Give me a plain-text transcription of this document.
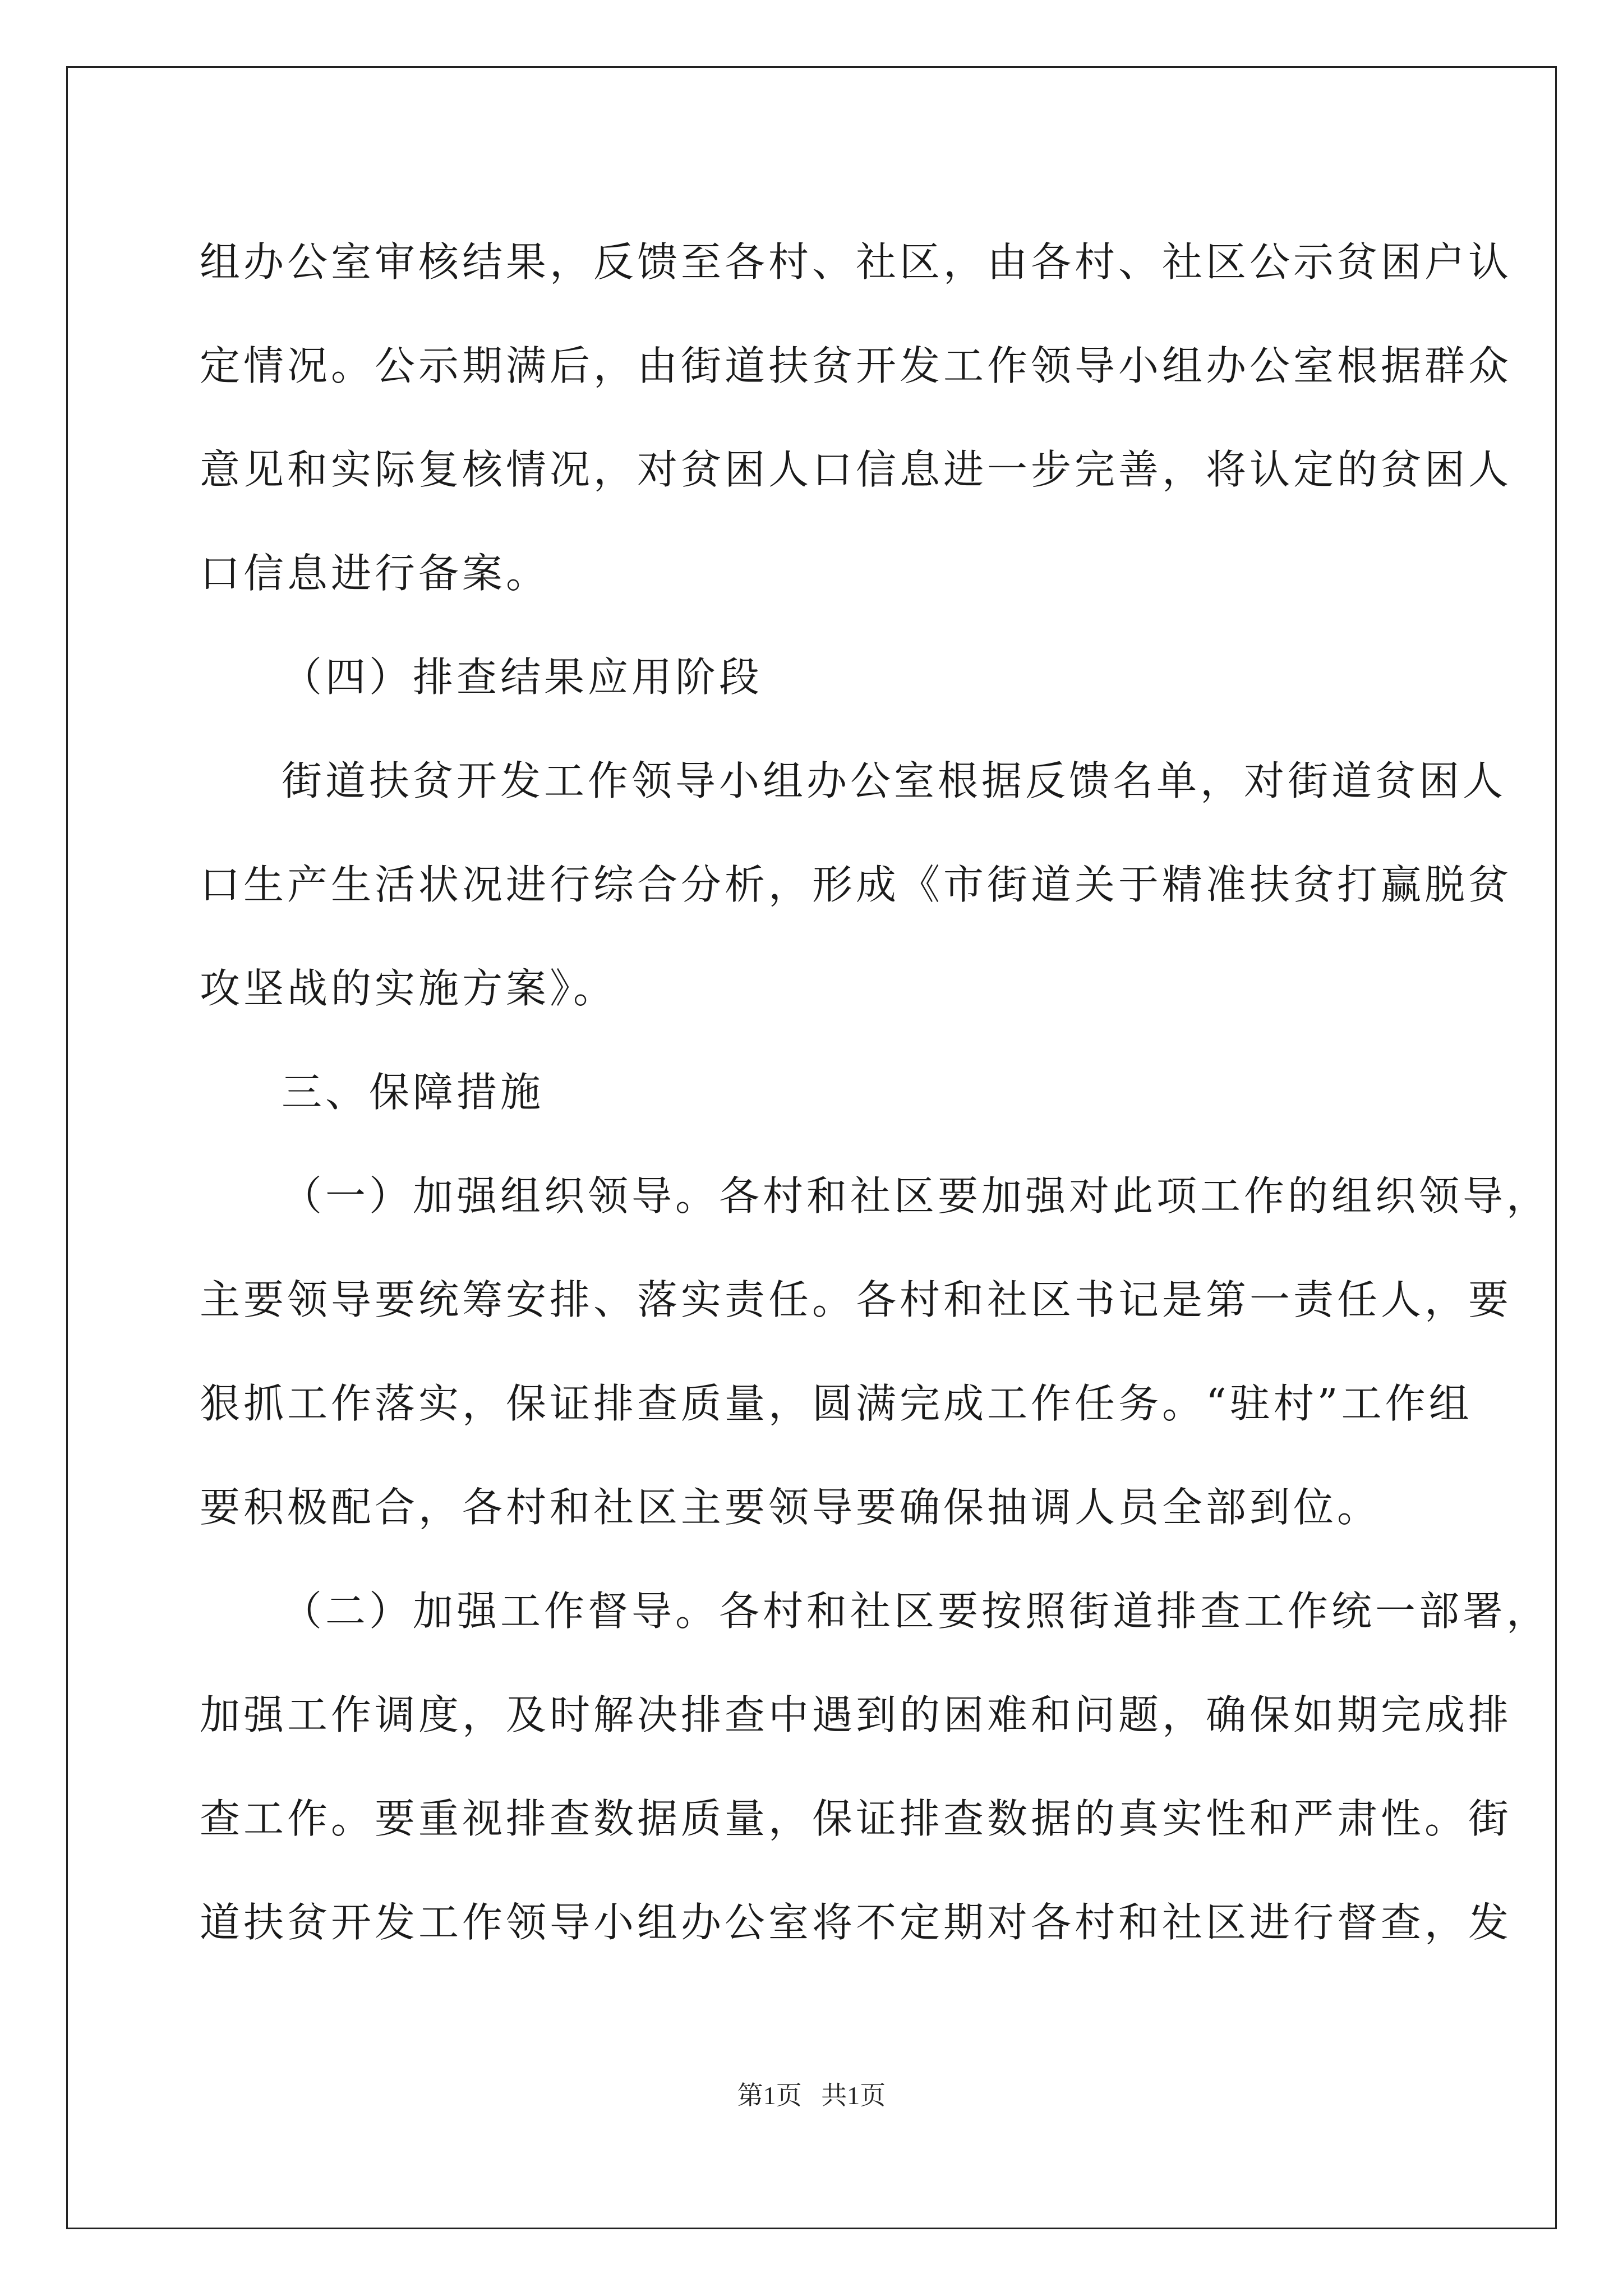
组办公室审核结果，反馈至各村、社区，由各村、社区公示贫困户认
定情况。公示期满后，由街道扶贫开发工作领导小组办公室根据群众
意见和实际复核情况，对贫困人口信息进一步完善，将认定的贫困人
口信息进行备案。
（四）排查结果应用阶段
街道扶贫开发工作领导小组办公室根据反馈名单，对街道贫困人
口生产生活状况进行综合分析，形成《市街道关于精准扶贫打赢脱贫
攻坚战的实施方案》。
三、保障措施
（一）加强组织领导。各村和社区要加强对此项工作的组织领导，
主要领导要统筹安排、落实责任。各村和社区书记是第一责任人，要
狠抓工作落实，保证排查质量，圆满完成工作任务。“驻村”工作组
要积极配合，各村和社区主要领导要确保抽调人员全部到位。
（二）加强工作督导。各村和社区要按照街道排查工作统一部署，
加强工作调度，及时解决排查中遇到的困难和问题，确保如期完成排
查工作。要重视排查数据质量，保证排查数据的真实性和严肃性。街
道扶贫开发工作领导小组办公室将不定期对各村和社区进行督查，发
第1页   共1页
